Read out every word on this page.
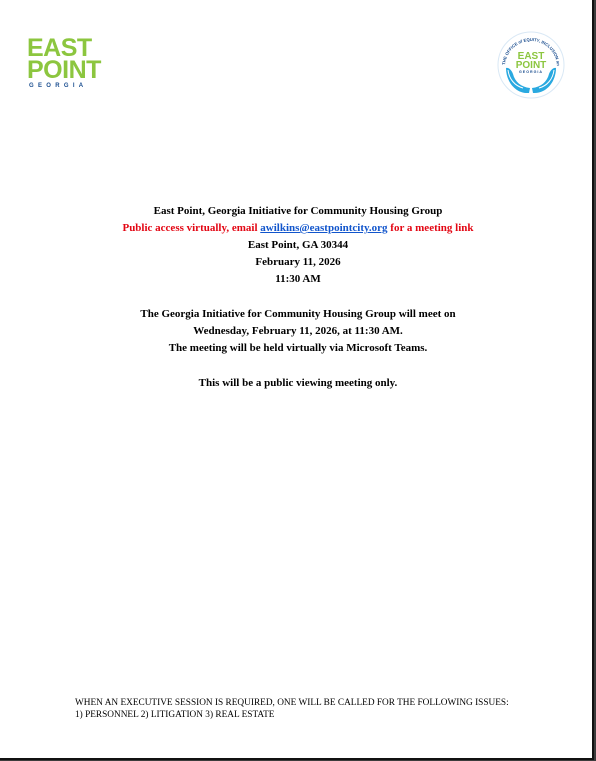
EAST
POINT
GEORGIA
THE OFFICE of EQUITY, INCLUSION an
EAST
POINT
GEORGIA
East Point, Georgia Initiative for Community Housing Group
Public access virtually, email awilkins@eastpointcity.org for a meeting link
East Point, GA 30344
February 11, 2026
11:30 AM
The Georgia Initiative for Community Housing Group will meet on
Wednesday, February 11, 2026, at 11:30 AM.
The meeting will be held virtually via Microsoft Teams.
This will be a public viewing meeting only.
WHEN AN EXECUTIVE SESSION IS REQUIRED, ONE WILL BE CALLED FOR THE FOLLOWING ISSUES:
1) PERSONNEL 2) LITIGATION 3) REAL ESTATE
